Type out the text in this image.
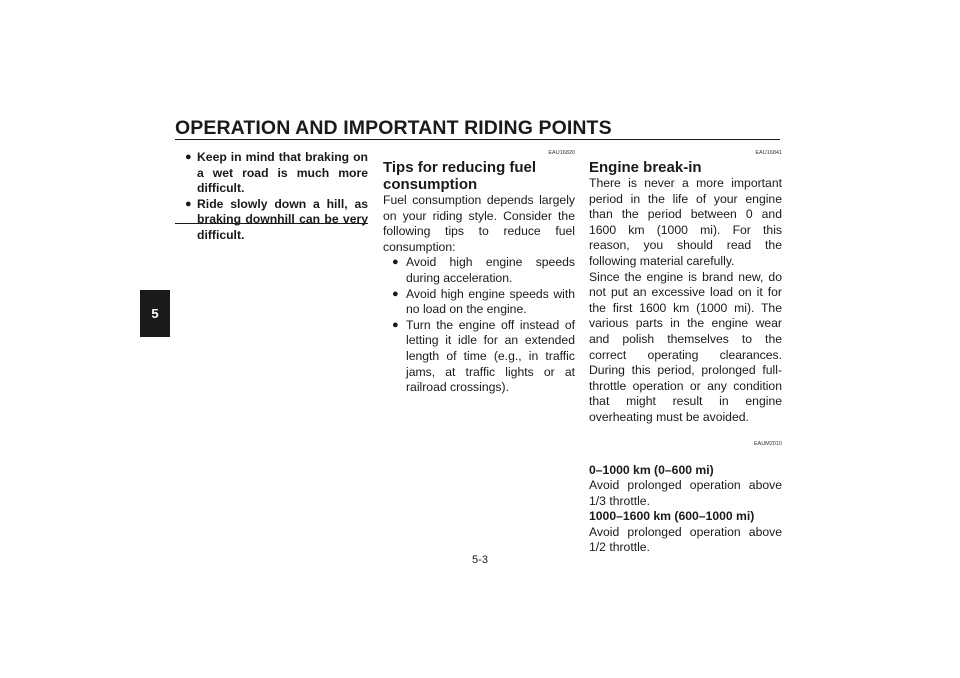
OPERATION AND IMPORTANT RIDING POINTS
5
● Keep in mind that braking on a wet road is much more difficult.
● Ride slowly down a hill, as braking downhill can be very difficult.
EAU16820
Tips for reducing fuel consumption

Fuel consumption depends largely on your riding style. Consider the following tips to reduce fuel consumption:

● Avoid high engine speeds during acceleration.
● Avoid high engine speeds with no load on the engine.
● Turn the engine off instead of letting it idle for an extended length of time (e.g., in traffic jams, at traffic lights or at railroad crossings).
EAU16841
Engine break-in

There is never a more important period in the life of your engine than the period between 0 and 1600 km (1000 mi). For this reason, you should read the following material carefully.

Since the engine is brand new, do not put an excessive load on it for the first 1600 km (1000 mi). The various parts in the engine wear and polish themselves to the correct operating clearances. During this period, prolonged full-throttle operation or any condition that might result in engine overheating must be avoided.

EAUM2010
0–1000 km (0–600 mi)

Avoid prolonged operation above 1/3 throttle.

1000–1600 km (600–1000 mi)

Avoid prolonged operation above 1/2 throttle.

5-3
